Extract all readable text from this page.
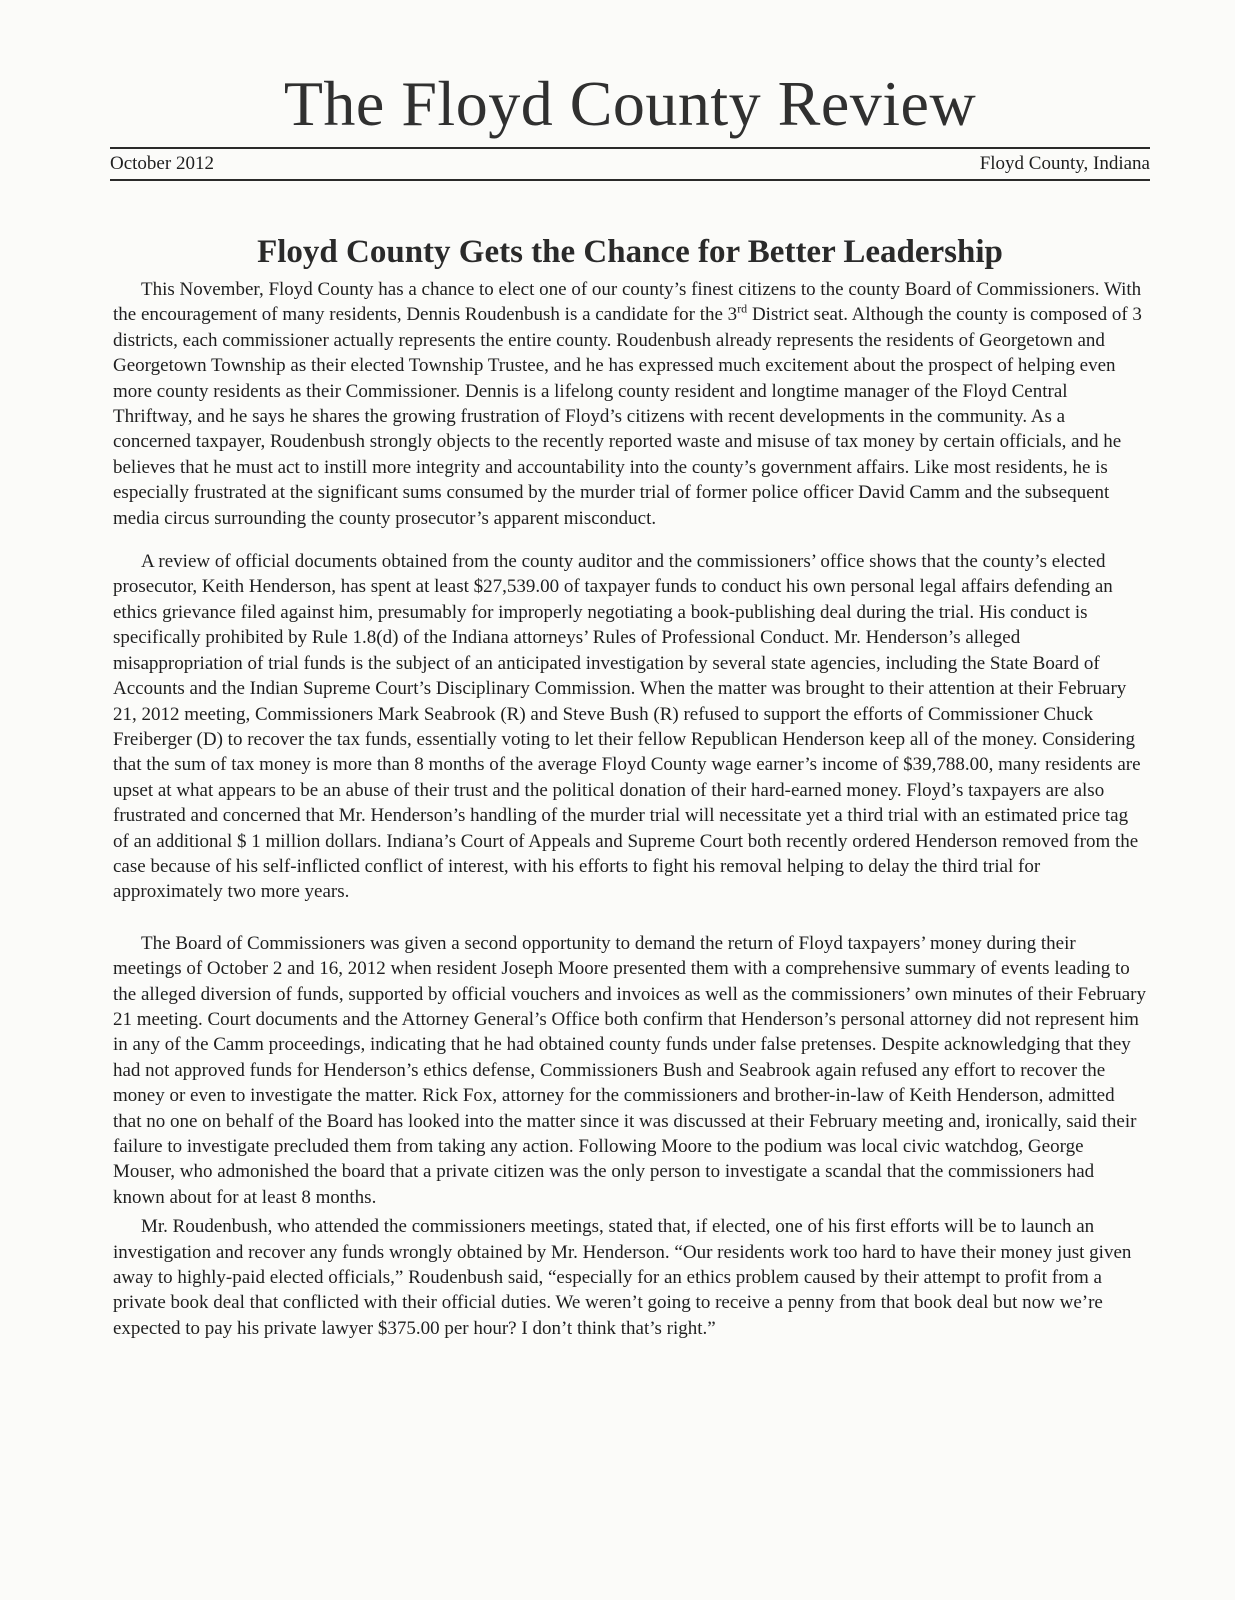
The Floyd County Review
October 2012	Floyd County, Indiana
Floyd County Gets the Chance for Better Leadership

This November, Floyd County has a chance to elect one of our county’s finest citizens to the county Board of Commissioners. With the encouragement of many residents, Dennis Roudenbush is a candidate for the 3rd District seat. Although the county is composed of 3 districts, each commissioner actually represents the entire county. Roudenbush already represents the residents of Georgetown and Georgetown Township as their elected Township Trustee, and he has expressed much excitement about the prospect of helping even more county residents as their Commissioner. Dennis is a lifelong county resident and longtime manager of the Floyd Central Thriftway, and he says he shares the growing frustration of Floyd’s citizens with recent developments in the community. As a concerned taxpayer, Roudenbush strongly objects to the recently reported waste and misuse of tax money by certain officials, and he believes that he must act to instill more integrity and accountability into the county’s government affairs. Like most residents, he is especially frustrated at the significant sums consumed by the murder trial of former police officer David Camm and the subsequent media circus surrounding the county prosecutor’s apparent misconduct.

A review of official documents obtained from the county auditor and the commissioners’ office shows that the county’s elected prosecutor, Keith Henderson, has spent at least $27,539.00 of taxpayer funds to conduct his own personal legal affairs defending an ethics grievance filed against him, presumably for improperly negotiating a book-publishing deal during the trial. His conduct is specifically prohibited by Rule 1.8(d) of the Indiana attorneys’ Rules of Professional Conduct. Mr. Henderson’s alleged misappropriation of trial funds is the subject of an anticipated investigation by several state agencies, including the State Board of Accounts and the Indian Supreme Court’s Disciplinary Commission. When the matter was brought to their attention at their February 21, 2012 meeting, Commissioners Mark Seabrook (R) and Steve Bush (R) refused to support the efforts of Commissioner Chuck Freiberger (D) to recover the tax funds, essentially voting to let their fellow Republican Henderson keep all of the money. Considering that the sum of tax money is more than 8 months of the average Floyd County wage earner’s income of $39,788.00, many residents are upset at what appears to be an abuse of their trust and the political donation of their hard-earned money. Floyd’s taxpayers are also frustrated and concerned that Mr. Henderson’s handling of the murder trial will necessitate yet a third trial with an estimated price tag of an additional $ 1 million dollars. Indiana’s Court of Appeals and Supreme Court both recently ordered Henderson removed from the case because of his self-inflicted conflict of interest, with his efforts to fight his removal helping to delay the third trial for approximately two more years.

The Board of Commissioners was given a second opportunity to demand the return of Floyd taxpayers’ money during their meetings of October 2 and 16, 2012 when resident Joseph Moore presented them with a comprehensive summary of events leading to the alleged diversion of funds, supported by official vouchers and invoices as well as the commissioners’ own minutes of their February 21 meeting. Court documents and the Attorney General’s Office both confirm that Henderson’s personal attorney did not represent him in any of the Camm proceedings, indicating that he had obtained county funds under false pretenses. Despite acknowledging that they had not approved funds for Henderson’s ethics defense, Commissioners Bush and Seabrook again refused any effort to recover the money or even to investigate the matter. Rick Fox, attorney for the commissioners and brother-in-law of Keith Henderson, admitted that no one on behalf of the Board has looked into the matter since it was discussed at their February meeting and, ironically, said their failure to investigate precluded them from taking any action. Following Moore to the podium was local civic watchdog, George Mouser, who admonished the board that a private citizen was the only person to investigate a scandal that the commissioners had known about for at least 8 months.

Mr. Roudenbush, who attended the commissioners meetings, stated that, if elected, one of his first efforts will be to launch an investigation and recover any funds wrongly obtained by Mr. Henderson. “Our residents work too hard to have their money just given away to highly-paid elected officials,” Roudenbush said, “especially for an ethics problem caused by their attempt to profit from a private book deal that conflicted with their official duties. We weren’t going to receive a penny from that book deal but now we’re expected to pay his private lawyer $375.00 per hour? I don’t think that’s right.”
